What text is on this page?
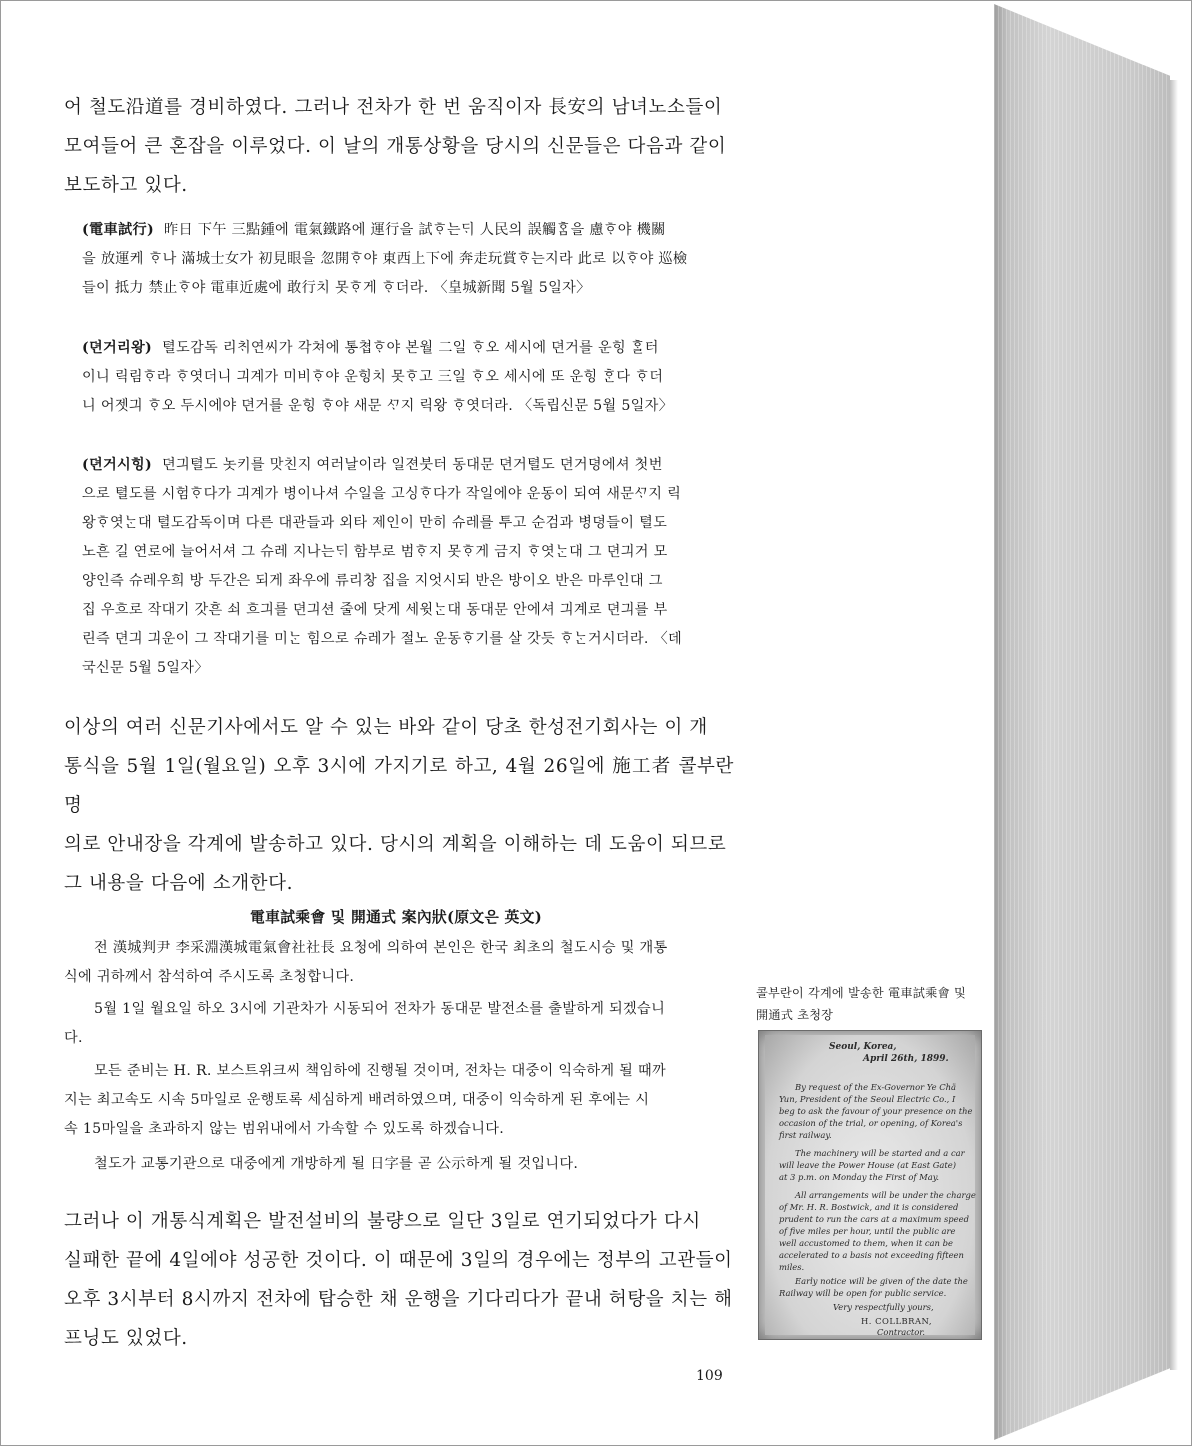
어 철도沿道를 경비하였다. 그러나 전차가 한 번 움직이자 長安의 남녀노소들이
모여들어 큰 혼잡을 이루었다. 이 날의 개통상황을 당시의 신문들은 다음과 같이
보도하고 있다.

(電車試行) 昨日 下午 三點鍾에 電氣鐵路에 運行을 試ᄒᆞ는ᄃᆡ 人民의 誤觸ᄒᆞᆷ을 慮ᄒᆞ야 機關
을 放運케 ᄒᆞ나 滿城士女가 初見眼을 忽開ᄒᆞ야 東西上下에 奔走玩賞ᄒᆞ는지라 此로 以ᄒᆞ야 巡檢
들이 抵力 禁止ᄒᆞ야 電車近處에 敢行치 못ᄒᆞ게 ᄒᆞ더라. 〈皇城新聞 5월 5일자〉

(뎐거리왕) 텰도감독 리ᄎᆡ연씨가 각쳐에 통쳡ᄒᆞ야 본월 二일 ᄒᆞ오 세시에 뎐거를 운힝 ᄒᆞᆯ터
이니 릭림ᄒᆞ라 ᄒᆞ엿더니 긔계가 미비ᄒᆞ야 운힝치 못ᄒᆞ고 三일 ᄒᆞ오 세시에 또 운힝 ᄒᆞᆫ다 ᄒᆞ더
니 어젯긔 ᄒᆞ오 두시에야 뎐거를 운힝 ᄒᆞ야 새문 ᄭᆞ지 릭왕 ᄒᆞ엿더라. 〈독립신문 5월 5일자〉

(뎐거시힝) 뎐긔텰도 놋키를 맛친지 여러날이라 일젼붓터 동대문 뎐거텰도 뎐거뎡에셔 첫번
으로 텰도를 시험ᄒᆞ다가 긔계가 병이나셔 수일을 고싱ᄒᆞ다가 작일에야 운동이 되여 새문ᄭᆞ지 릭
왕ᄒᆞ엿ᄂᆞᆫ대 텰도감독이며 다른 대관들과 외타 제인이 만히 슈레를 투고 순검과 병뎡들이 텰도
노흔 길 연로에 늘어서셔 그 슈레 지나는ᄃᆡ 함부로 범ᄒᆞ지 못ᄒᆞ게 금지 ᄒᆞ엿ᄂᆞᆫ대 그 뎐긔거 모
양인즉 슈레우희 방 두간은 되게 좌우에 류리창 집을 지엇시되 반은 방이오 반은 마루인대 그
집 우흐로 작대기 갓흔 쇠 흐긔를 뎐긔션 줄에 닷게 세윗ᄂᆞᆫ대 동대문 안에셔 긔계로 뎐긔를 부
린즉 뎐긔 긔운이 그 작대기를 미ᄂᆞᆫ 힘으로 슈레가 절노 운동ᄒᆞ기를 살 갓듯 ᄒᆞᄂᆞᆫ거시더라. 〈데
국신문 5월 5일자〉

이상의 여러 신문기사에서도 알 수 있는 바와 같이 당초 한성전기회사는 이 개
통식을 5월 1일(월요일) 오후 3시에 가지기로 하고, 4월 26일에 施工者 콜부란 명
의로 안내장을 각계에 발송하고 있다. 당시의 계획을 이해하는 데 도움이 되므로
그 내용을 다음에 소개한다.

電車試乘會 및 開通式 案內狀(原文은 英文)

전 漢城判尹 李采淵漢城電氣會社社長 요청에 의하여 본인은 한국 최초의 철도시승 및 개통
식에 귀하께서 참석하여 주시도록 초청합니다.

5월 1일 월요일 하오 3시에 기관차가 시동되어 전차가 동대문 발전소를 출발하게 되겠습니
다.

모든 준비는 H. R. 보스트위크씨 책임하에 진행될 것이며, 전차는 대중이 익숙하게 될 때까
지는 최고속도 시속 5마일로 운행토록 세심하게 배려하였으며, 대중이 익숙하게 된 후에는 시
속 15마일을 초과하지 않는 범위내에서 가속할 수 있도록 하겠습니다.

철도가 교통기관으로 대중에게 개방하게 될 日字를 곧 公示하게 될 것입니다.

그러나 이 개통식계획은 발전설비의 불량으로 일단 3일로 연기되었다가 다시
실패한 끝에 4일에야 성공한 것이다. 이 때문에 3일의 경우에는 정부의 고관들이
오후 3시부터 8시까지 전차에 탑승한 채 운행을 기다리다가 끝내 허탕을 치는 해
프닝도 있었다.

콜부란이 각계에 발송한 電車試乘會 및
開通式 초청장

Seoul, Korea,
April 26th, 1899.
By request of the Ex-Governor Ye Chä
Yun, President of the Seoul Electric Co., I
beg to ask the favour of your presence on the
occasion of the trial, or opening, of Korea's
first railway.
The machinery will be started and a car
will leave the Power House (at East Gate)
at 3 p.m. on Monday the First of May.
All arrangements will be under the charge
of Mr. H. R. Bostwick, and it is considered
prudent to run the cars at a maximum speed
of five miles per hour, until the public are
well accustomed to them, when it can be
accelerated to a basis not exceeding fifteen
miles.
Early notice will be given of the date the
Railway will be open for public service.
Very respectfully yours,
H. COLLBRAN,
Contractor.

109
